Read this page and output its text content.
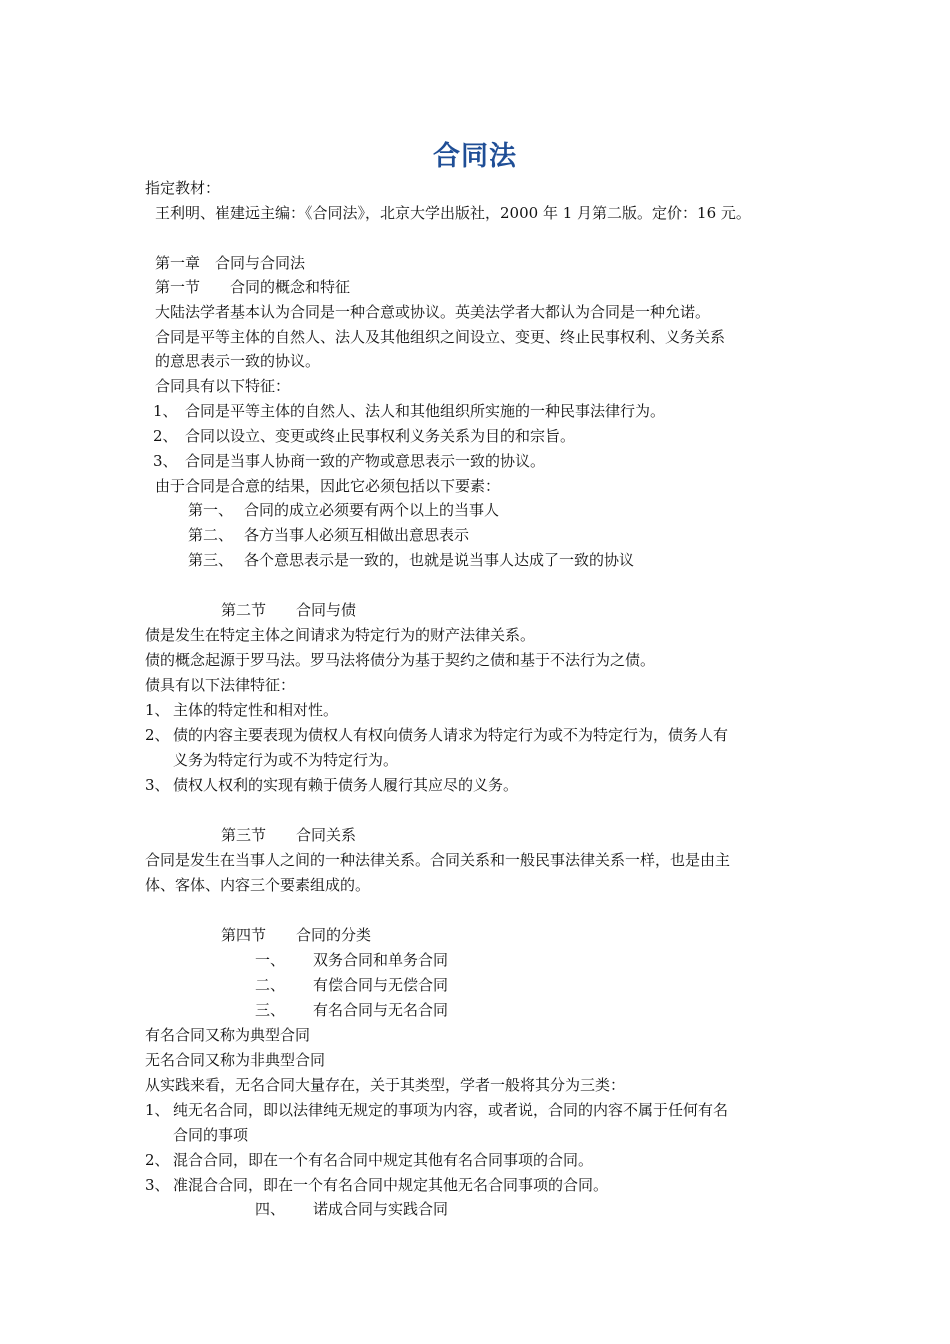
合同法
指定教材：
王利明、崔建远主编：《合同法》，北京大学出版社，2000 年 1 月第二版。定价：16 元。
第一章　合同与合同法
第一节　　合同的概念和特征
大陆法学者基本认为合同是一种合意或协议。英美法学者大都认为合同是一种允诺。
合同是平等主体的自然人、法人及其他组织之间设立、变更、终止民事权利、义务关系
的意思表示一致的协议。
合同具有以下特征：
1、 合同是平等主体的自然人、法人和其他组织所实施的一种民事法律行为。
2、 合同以设立、变更或终止民事权利义务关系为目的和宗旨。
3、 合同是当事人协商一致的产物或意思表示一致的协议。
由于合同是合意的结果，因此它必须包括以下要素：
第一、 合同的成立必须要有两个以上的当事人
第二、 各方当事人必须互相做出意思表示
第三、 各个意思表示是一致的，也就是说当事人达成了一致的协议
第二节　　合同与债
债是发生在特定主体之间请求为特定行为的财产法律关系。
债的概念起源于罗马法。罗马法将债分为基于契约之债和基于不法行为之债。
债具有以下法律特征：
1、 主体的特定性和相对性。
2、 债的内容主要表现为债权人有权向债务人请求为特定行为或不为特定行为，债务人有
义务为特定行为或不为特定行为。
3、 债权人权利的实现有赖于债务人履行其应尽的义务。
第三节　　合同关系
合同是发生在当事人之间的一种法律关系。合同关系和一般民事法律关系一样，也是由主
体、客体、内容三个要素组成的。
第四节　　合同的分类
一、 双务合同和单务合同
二、 有偿合同与无偿合同
三、 有名合同与无名合同
有名合同又称为典型合同
无名合同又称为非典型合同
从实践来看，无名合同大量存在，关于其类型，学者一般将其分为三类：
1、 纯无名合同，即以法律纯无规定的事项为内容，或者说，合同的内容不属于任何有名
合同的事项
2、 混合合同，即在一个有名合同中规定其他有名合同事项的合同。
3、 准混合合同，即在一个有名合同中规定其他无名合同事项的合同。
四、 诺成合同与实践合同
